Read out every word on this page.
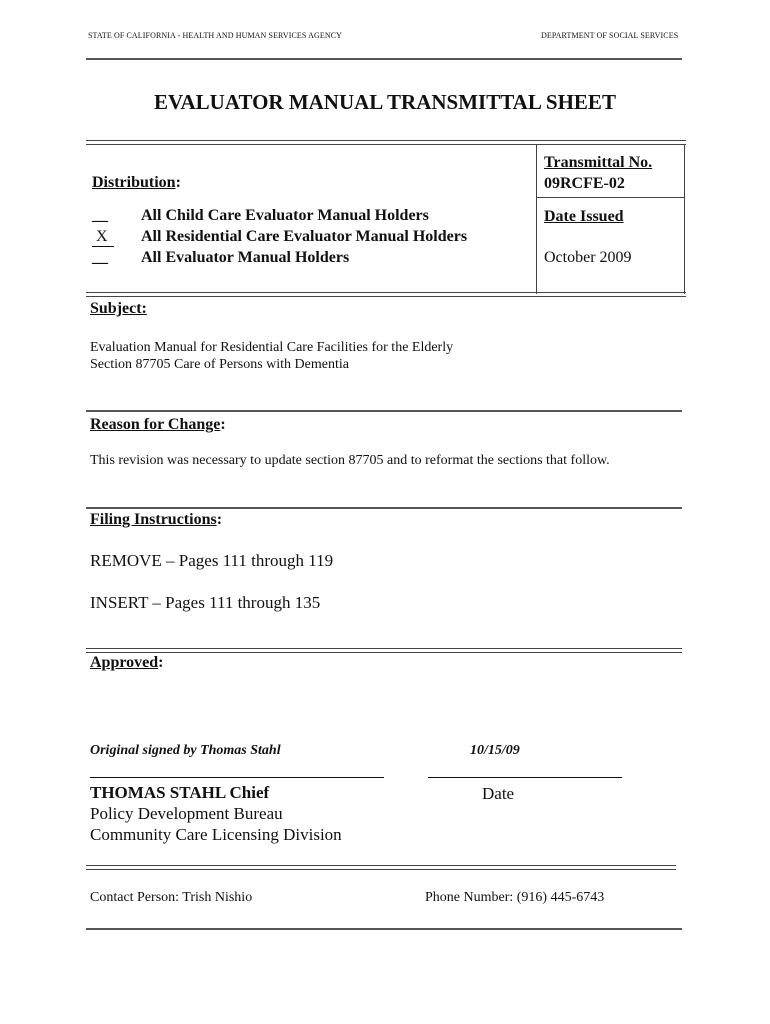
STATE OF CALIFORNIA - HEALTH AND HUMAN SERVICES AGENCY	DEPARTMENT OF SOCIAL SERVICES
EVALUATOR MANUAL TRANSMITTAL SHEET
Distribution:
__ All Child Care Evaluator Manual Holders
X	All Residential Care Evaluator Manual Holders
__ All Evaluator Manual Holders
Transmittal No.
09RCFE-02
Date Issued
October 2009
Subject:
Evaluation Manual for Residential Care Facilities for the Elderly
Section 87705 Care of Persons with Dementia
Reason for Change:
This revision was necessary to update section 87705 and to reformat the sections that follow.
Filing Instructions:
REMOVE – Pages 111 through 119
INSERT – Pages 111 through 135
Approved:
Original signed by Thomas Stahl	10/15/09
THOMAS STAHL Chief	Date
Policy Development Bureau
Community Care Licensing Division
Contact Person: Trish Nishio	Phone Number: (916) 445-6743
